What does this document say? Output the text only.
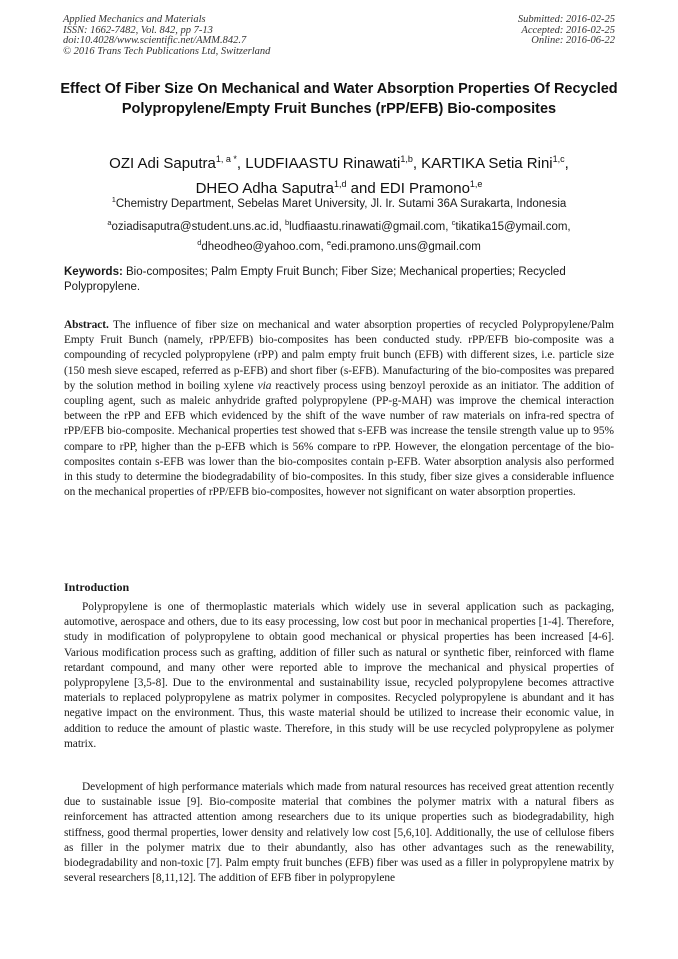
Applied Mechanics and Materials
ISSN: 1662-7482, Vol. 842, pp 7-13
doi:10.4028/www.scientific.net/AMM.842.7
© 2016 Trans Tech Publications Ltd, Switzerland
Submitted: 2016-02-25
Accepted: 2016-02-25
Online: 2016-06-22
Effect Of Fiber Size On Mechanical and Water Absorption Properties Of Recycled Polypropylene/Empty Fruit Bunches (rPP/EFB) Bio-composites
OZI Adi Saputra$^{1, a *}$, LUDFIAASTU Rinawati$^{1,b}$, KARTIKA Setia Rini$^{1,c}$,
DHEO Adha Saputra$^{1,d}$ and EDI Pramono$^{1,e}$
$^1$Chemistry Department, Sebelas Maret University, Jl. Ir. Sutami 36A Surakarta, Indonesia
$^a$oziadisaputra@student.uns.ac.id, $^b$ludfiaastu.rinawati@gmail.com, $^c$tikatika15@ymail.com,
$^d$dheodheo@yahoo.com, $^e$edi.pramono.uns@gmail.com
Keywords: Bio-composites; Palm Empty Fruit Bunch; Fiber Size; Mechanical properties; Recycled Polypropylene.
Abstract. The influence of fiber size on mechanical and water absorption properties of recycled Polypropylene/Palm Empty Fruit Bunch (namely, rPP/EFB) bio-composites has been conducted study. rPP/EFB bio-composite was a compounding of recycled polypropylene (rPP) and palm empty fruit bunch (EFB) with different sizes, i.e. particle size (150 mesh sieve escaped, referred as p-EFB) and short fiber (s-EFB). Manufacturing of the bio-composites was prepared by the solution method in boiling xylene via reactively process using benzoyl peroxide as an initiator. The addition of coupling agent, such as maleic anhydride grafted polypropylene (PP-g-MAH) was improve the chemical interaction between the rPP and EFB which evidenced by the shift of the wave number of raw materials on infra-red spectra of rPP/EFB bio-composite. Mechanical properties test showed that s-EFB was increase the tensile strength value up to 95% compare to rPP, higher than the p-EFB which is 56% compare to rPP. However, the elongation percentage of the bio-composites contain s-EFB was lower than the bio-composites contain p-EFB. Water absorption analysis also performed in this study to determine the biodegradability of bio-composites. In this study, fiber size gives a considerable influence on the mechanical properties of rPP/EFB bio-composites, however not significant on water absorption properties.
Introduction
Polypropylene is one of thermoplastic materials which widely use in several application such as packaging, automotive, aerospace and others, due to its easy processing, low cost but poor in mechanical properties [1-4]. Therefore, study in modification of polypropylene to obtain good mechanical or physical properties has been increased [4-6]. Various modification process such as grafting, addition of filler such as natural or synthetic fiber, reinforced with flame retardant compound, and many other were reported able to improve the mechanical and physical properties of polypropylene [3,5-8]. Due to the environmental and sustainability issue, recycled polypropylene becomes attractive materials to replaced polypropylene as matrix polymer in composites. Recycled polypropylene is abundant and it has negative impact on the environment. Thus, this waste material should be utilized to increase their economic value, in addition to reduce the amount of plastic waste. Therefore, in this study will be use recycled polypropylene as polymer matrix.
Development of high performance materials which made from natural resources has received great attention recently due to sustainable issue [9]. Bio-composite material that combines the polymer matrix with a natural fibers as reinforcement has attracted attention among researchers due to its unique properties such as biodegradability, high stiffness, good thermal properties, lower density and relatively low cost [5,6,10]. Additionally, the use of cellulose fibers as filler in the polymer matrix due to their abundantly, also has other advantages such as the renewability, biodegradability and non-toxic [7]. Palm empty fruit bunches (EFB) fiber was used as a filler in polypropylene matrix by several researchers [8,11,12]. The addition of EFB fiber in polypropylene
